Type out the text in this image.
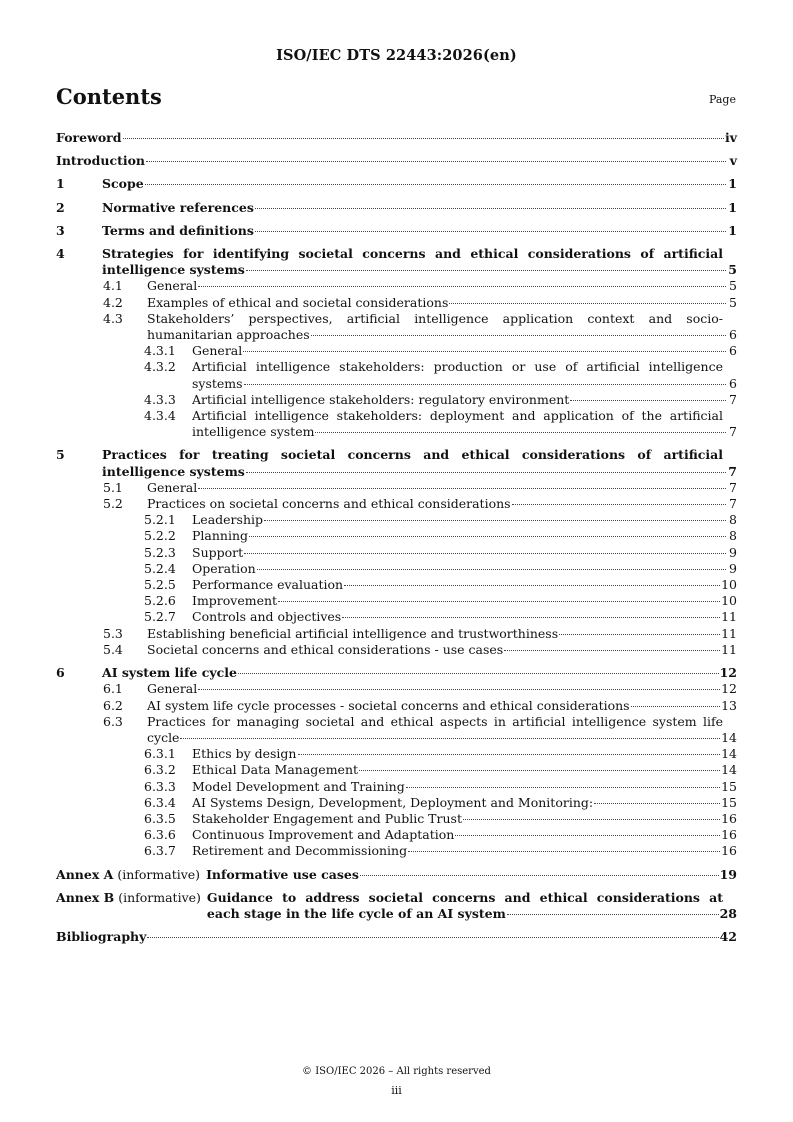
ISO/IEC DTS 22443:2026(en)
Contents	Page
Foreword	iv
Introduction	v
1	Scope	1
2	Normative references	1
3	Terms and definitions	1
4	Strategies for identifying societal concerns and ethical considerations of artificial
intelligence systems	5
4.1	General	5
4.2	Examples of ethical and societal considerations	5
4.3	Stakeholders’ perspectives, artificial intelligence application context and socio-
humanitarian approaches	6
4.3.1	General	6
4.3.2	Artificial intelligence stakeholders: production or use of artificial intelligence
systems	6
4.3.3	Artificial intelligence stakeholders: regulatory environment	7
4.3.4	Artificial intelligence stakeholders: deployment and application of the artificial
intelligence system	7
5	Practices for treating societal concerns and ethical considerations of artificial
intelligence systems	7
5.1	General	7
5.2	Practices on societal concerns and ethical considerations	7
5.2.1	Leadership	8
5.2.2	Planning	8
5.2.3	Support	9
5.2.4	Operation	9
5.2.5	Performance evaluation	10
5.2.6	Improvement	10
5.2.7	Controls and objectives	11
5.3	Establishing beneficial artificial intelligence and trustworthiness	11
5.4	Societal concerns and ethical considerations - use cases	11
6	AI system life cycle	12
6.1	General	12
6.2	AI system life cycle processes - societal concerns and ethical considerations	13
6.3	Practices for managing societal and ethical aspects in artificial intelligence system life
cycle	14
6.3.1	Ethics by design	14
6.3.2	Ethical Data Management	14
6.3.3	Model Development and Training	15
6.3.4	AI Systems Design, Development, Deployment and Monitoring:	15
6.3.5	Stakeholder Engagement and Public Trust	16
6.3.6	Continuous Improvement and Adaptation	16
6.3.7	Retirement and Decommissioning	16
Annex A (informative) Informative use cases	19
Annex B (informative) Guidance to address societal concerns and ethical considerations at
each stage in the life cycle of an AI system	28
Bibliography	42
© ISO/IEC 2026 – All rights reserved
iii
